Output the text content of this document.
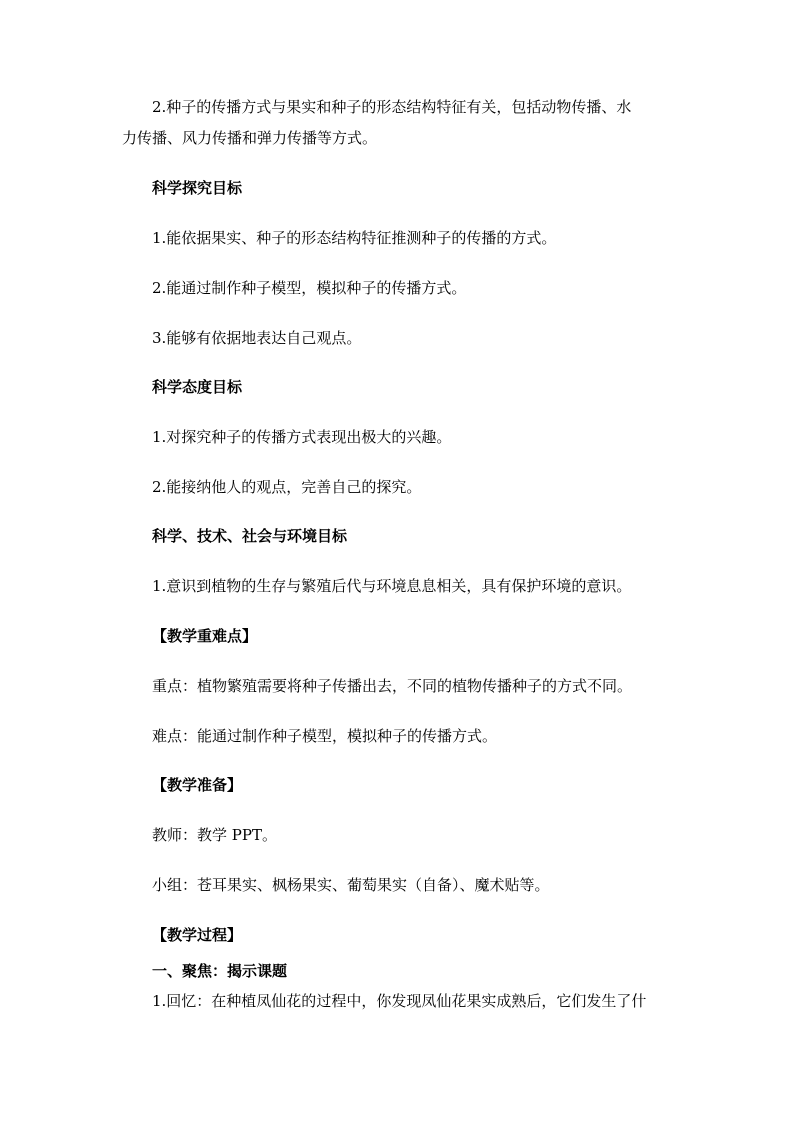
2.种子的传播方式与果实和种子的形态结构特征有关，包括动物传播、水
力传播、风力传播和弹力传播等方式。
科学探究目标
1.能依据果实、种子的形态结构特征推测种子的传播的方式。
2.能通过制作种子模型，模拟种子的传播方式。
3.能够有依据地表达自己观点。
科学态度目标
1.对探究种子的传播方式表现出极大的兴趣。
2.能接纳他人的观点，完善自己的探究。
科学、技术、社会与环境目标
1.意识到植物的生存与繁殖后代与环境息息相关，具有保护环境的意识。
【教学重难点】
重点：植物繁殖需要将种子传播出去，不同的植物传播种子的方式不同。
难点：能通过制作种子模型，模拟种子的传播方式。
【教学准备】
教师：教学 PPT。
小组：苍耳果实、枫杨果实、葡萄果实（自备）、魔术贴等。
【教学过程】
一、聚焦：揭示课题
1.回忆：在种植凤仙花的过程中，你发现凤仙花果实成熟后，它们发生了什
